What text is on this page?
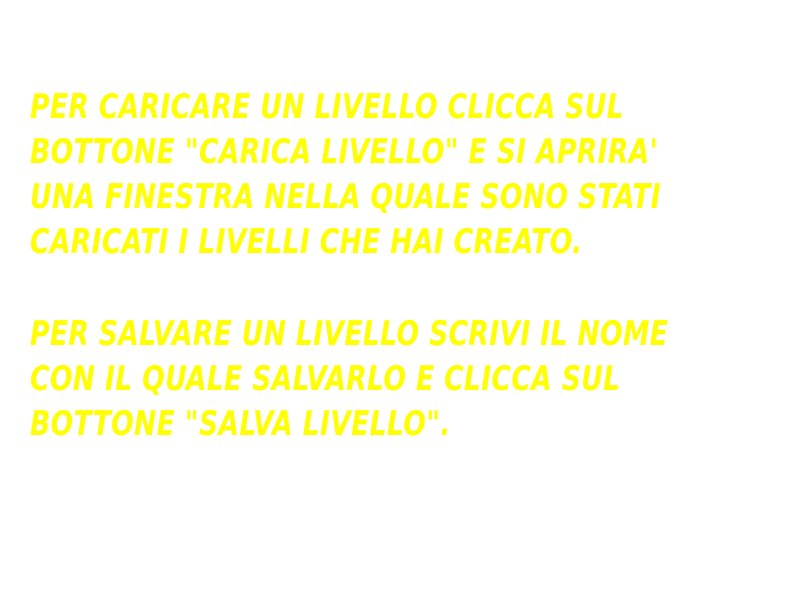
PER CARICARE UN LIVELLO CLICCA SUL
BOTTONE "CARICA LIVELLO" E SI APRIRA'
UNA FINESTRA NELLA QUALE SONO STATI
CARICATI I LIVELLI CHE HAI CREATO.

PER SALVARE UN LIVELLO SCRIVI IL NOME
CON IL QUALE SALVARLO E CLICCA SUL
BOTTONE "SALVA LIVELLO".
